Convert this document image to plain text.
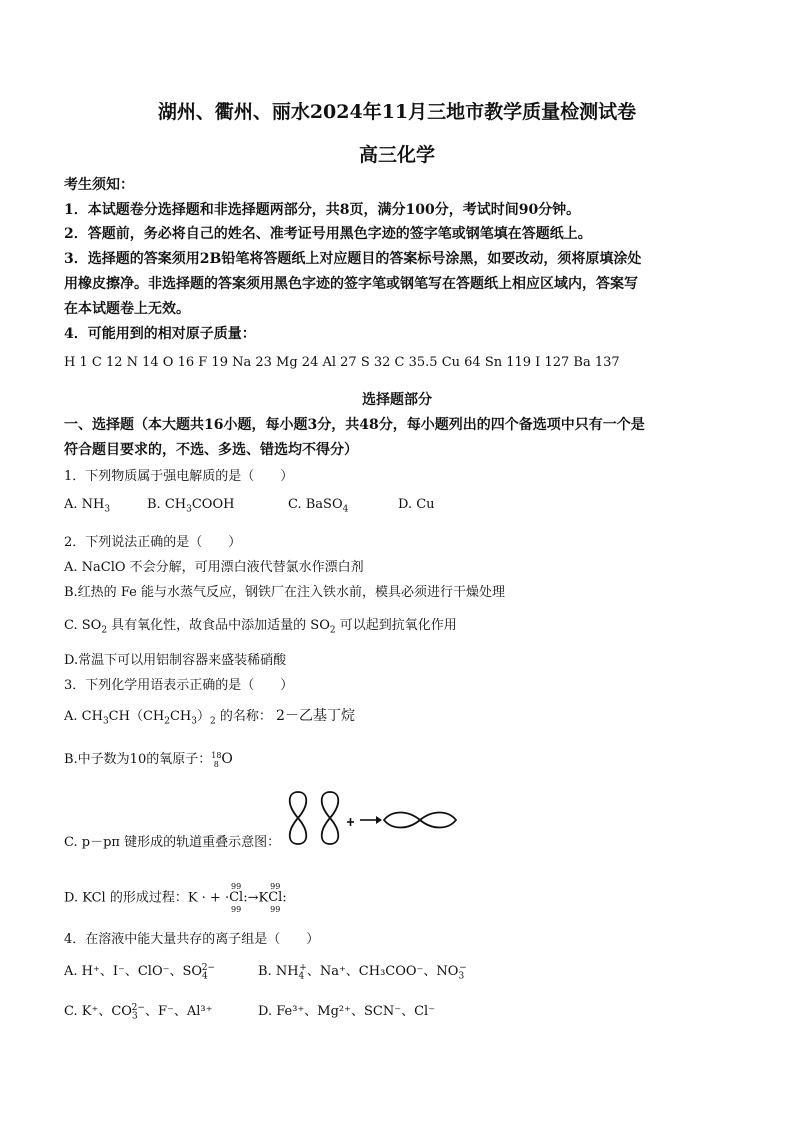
湖州、衢州、丽水2024年11月三地市教学质量检测试卷
高三化学
考生须知：
1．本试题卷分选择题和非选择题两部分，共8页，满分100分，考试时间90分钟。
2．答题前，务必将自己的姓名、准考证号用黑色字迹的签字笔或钢笔填在答题纸上。
3．选择题的答案须用2B铅笔将答题纸上对应题目的答案标号涂黑，如要改动，须将原填涂处
用橡皮擦净。非选择题的答案须用黑色字迹的签字笔或钢笔写在答题纸上相应区域内，答案写
在本试题卷上无效。
4．可能用到的相对原子质量：
H 1 C 12 N 14 O 16 F 19 Na 23 Mg 24 Al 27 S 32 C 35.5 Cu 64 Sn 119 I 127 Ba 137
选择题部分
一、选择题（本大题共16小题，每小题3分，共48分，每小题列出的四个备选项中只有一个是
符合题目要求的，不选、多选、错选均不得分）
1．下列物质属于强电解质的是（　　）
A. $NH_3$	B. $CH_3COOH$	C. BaSO$_4$	D. Cu
2．下列说法正确的是（　　）
A. NaClO 不会分解，可用漂白液代替氯水作漂白剂
B.红热的 Fe 能与水蒸气反应，钢铁厂在注入铁水前，模具必须进行干燥处理
C. $SO_2$ 具有氧化性，故食品中添加适量的 $SO_2$ 可以起到抗氧化作用
D.常温下可以用铝制容器来盛装稀硝酸
3．下列化学用语表示正确的是（　　）
A. $CH_3CH(CH_2CH_3)_2$ 的名称： 2－乙基丁烷
B.中子数为10的氧原子： 18
8 O
C. p－pπ 键形成的轨道重叠示意图：
D. KCl 的形成过程：K · + ·
99
Cl
99
:→K
99
Cl
99
:
4．在溶液中能大量共存的离子组是（　　）
A. H⁺、I⁻、ClO⁻、$SO_4^{2-}$	B. $NH_4^+$、Na⁺、CH₃COO⁻、$NO_3^-$
C. K⁺、$CO_3^{2-}$、F⁻、Al³⁺	D. Fe³⁺、Mg²⁺、SCN⁻、Cl⁻
